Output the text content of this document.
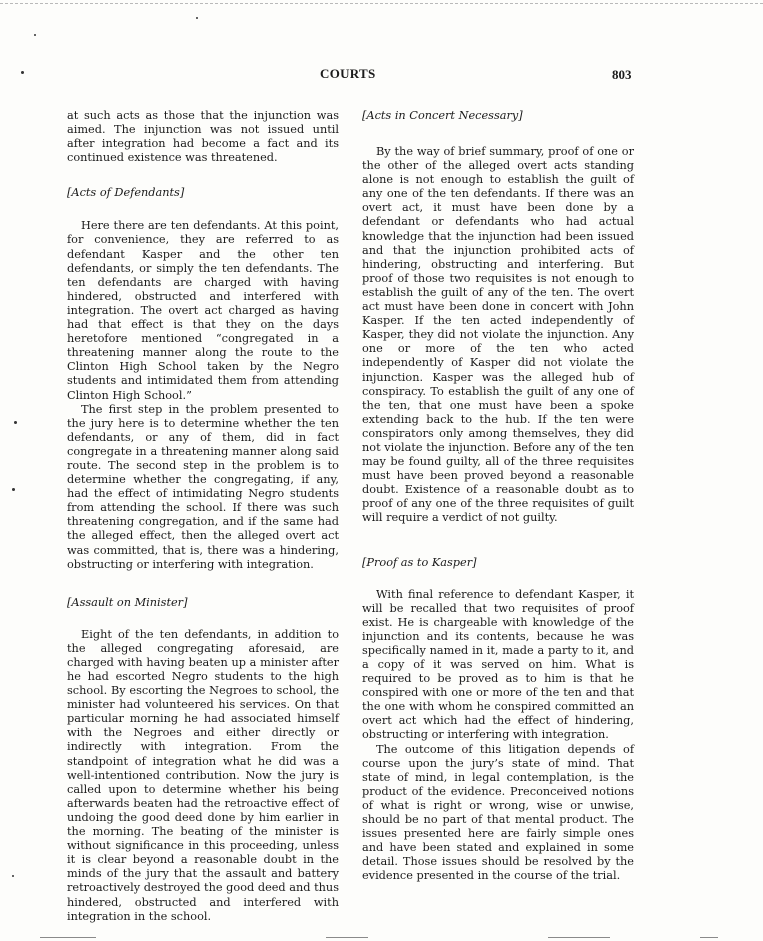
COURTS	803

at such acts as those that the injunction was aimed. The injunction was not issued until after integration had become a fact and its continued existence was threatened.

[Acts of Defendants]

Here there are ten defendants. At this point, for convenience, they are referred to as defendant Kasper and the other ten defendants, or simply the ten defendants. The ten defendants are charged with having hindered, obstructed and interfered with integration. The overt act charged as having had that effect is that they on the days heretofore mentioned “congregated in a threatening manner along the route to the Clinton High School taken by the Negro students and intimidated them from attending Clinton High School.”

The first step in the problem presented to the jury here is to determine whether the ten defendants, or any of them, did in fact congregate in a threatening manner along said route. The second step in the problem is to determine whether the congregating, if any, had the effect of intimidating Negro students from attending the school. If there was such threatening congregation, and if the same had the alleged effect, then the alleged overt act was committed, that is, there was a hindering, obstructing or interfering with integration.

[Assault on Minister]

Eight of the ten defendants, in addition to the alleged congregating aforesaid, are charged with having beaten up a minister after he had escorted Negro students to the high school. By escorting the Negroes to school, the minister had volunteered his services. On that particular morning he had associated himself with the Negroes and either directly or indirectly with integration. From the standpoint of integration what he did was a well-intentioned contribution. Now the jury is called upon to determine whether his being afterwards beaten had the retroactive effect of undoing the good deed done by him earlier in the morning. The beating of the minister is without significance in this proceeding, unless it is clear beyond a reasonable doubt in the minds of the jury that the assault and battery retroactively destroyed the good deed and thus hindered, obstructed and interfered with integration in the school.

[Acts in Concert Necessary]

By the way of brief summary, proof of one or the other of the alleged overt acts standing alone is not enough to establish the guilt of any one of the ten defendants. If there was an overt act, it must have been done by a defendant or defendants who had actual knowledge that the injunction had been issued and that the injunction prohibited acts of hindering, obstructing and interfering. But proof of those two requisites is not enough to establish the guilt of any of the ten. The overt act must have been done in concert with John Kasper. If the ten acted independently of Kasper, they did not violate the injunction. Any one or more of the ten who acted independently of Kasper did not violate the injunction. Kasper was the alleged hub of conspiracy. To establish the guilt of any one of the ten, that one must have been a spoke extending back to the hub. If the ten were conspirators only among themselves, they did not violate the injunction. Before any of the ten may be found guilty, all of the three requisites must have been proved beyond a reasonable doubt. Existence of a reasonable doubt as to proof of any one of the three requisites of guilt will require a verdict of not guilty.

[Proof as to Kasper]

With final reference to defendant Kasper, it will be recalled that two requisites of proof exist. He is chargeable with knowledge of the injunction and its contents, because he was specifically named in it, made a party to it, and a copy of it was served on him. What is required to be proved as to him is that he conspired with one or more of the ten and that the one with whom he conspired committed an overt act which had the effect of hindering, obstructing or interfering with integration.

The outcome of this litigation depends of course upon the jury’s state of mind. That state of mind, in legal contemplation, is the product of the evidence. Preconceived notions of what is right or wrong, wise or unwise, should be no part of that mental product. The issues presented here are fairly simple ones and have been stated and explained in some detail. Those issues should be resolved by the evidence presented in the course of the trial.
